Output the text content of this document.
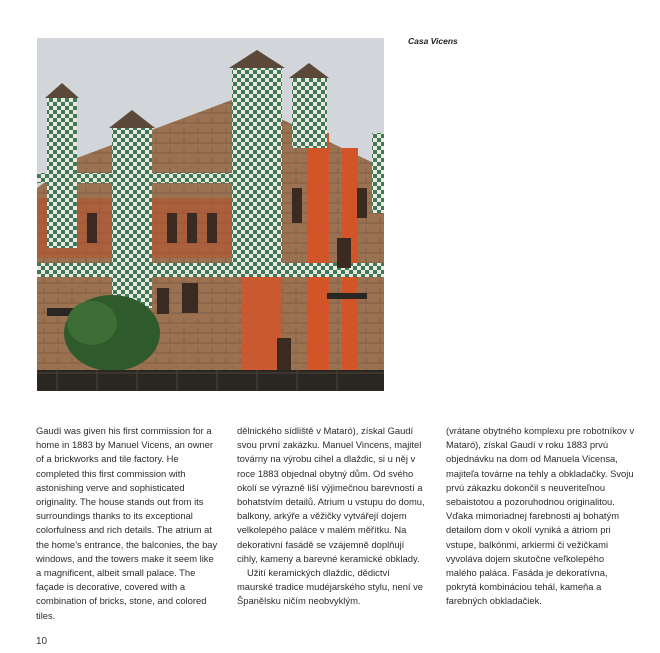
Casa Vicens

Gaudí was given his first commission for a home in 1883 by Manuel Vicens, an owner of a brickworks and tile factory. He completed this first commission with astonishing verve and sophisticated originality. The house stands out from its surroundings thanks to its exceptional colorfulness and rich details. The atrium at the home’s entrance, the balconies, the bay windows, and the towers make it seem like a magnificent, albeit small palace. The façade is decorative, covered with a combination of bricks, stone, and colored tiles.

dělnického sídliště v Mataró), získal Gaudí svou první zakázku. Manuel Vincens, majitel továrny na výrobu cihel a dlaždic, si u něj v roce 1883 objednal obytný dům. Od svého okolí se výrazně liší výjimečnou barevností a bohatstvím detailů. Atrium u vstupu do domu, balkony, arkýře a věžičky vytvářejí dojem velkolepého paláce v malém měřítku. Na dekorativní fasádě se vzájemně doplňují cihly, kameny a barevné keramické obklady.

Užití keramických dlaždic, dědictví maurské tradice mudéjarského stylu, není ve Španělsku ničím neobvyklým.

(vrátane obytného komplexu pre robotníkov v Mataró), získal Gaudí v roku 1883 prvú objednávku na dom od Manuela Vicensa, majiteľa továrne na tehly a obkladačky. Svoju prvú zákazku dokončil s neuveriteľnou sebaistotou a pozoruhodnou originalitou. Vďaka mimoriadnej farebnosti aj bohatým detailom dom v okolí vyniká a átriom pri vstupe, balkónmi, arkiermi či vežičkami vyvoláva dojem skutočne veľkolepého malého paláca. Fasáda je dekoratívna, pokrytá kombináciou tehál, kameňa a farebných obkladačiek.

10
